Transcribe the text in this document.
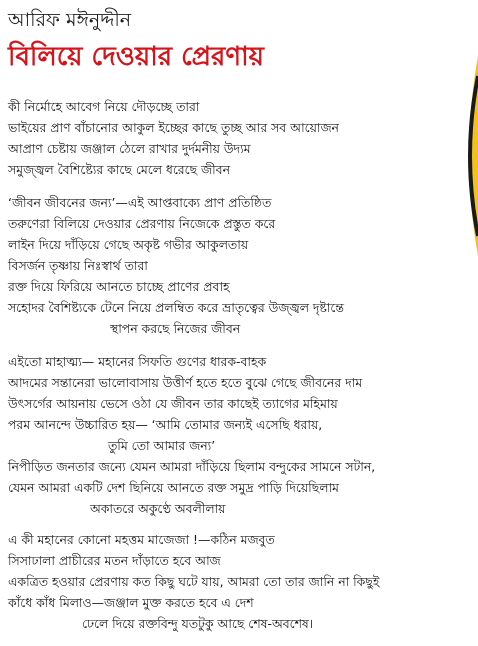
আরিফ মঈনুদ্দীন
বিলিয়ে দেওয়ার প্রেরণায়
কী নির্মোহে আবেগ নিয়ে দৌড়চ্ছে তারা
ভাইয়ের প্রাণ বাঁচানোর আকুল ইচ্ছের কাছে তুচ্ছ আর সব আয়োজন
আপ্রাণ চেষ্টায় জঞ্জাল ঠেলে রাখার দুর্দমনীয় উদ্যম
সমুজ্জ্বল বৈশিষ্ট্যের কাছে মেলে ধরেছে জীবন
‘জীবন জীবনের জন্য’—এই আপ্তবাক্যে প্রাণ প্রতিষ্ঠিত
তরুণেরা বিলিয়ে দেওয়ার প্রেরণায় নিজেকে প্রস্তুত করে
লাইন দিয়ে দাঁড়িয়ে গেছে অকৃষ্ট গভীর আকুলতায়
বিসর্জন তৃষ্ণায় নিঃস্বার্থ তারা
রক্ত দিয়ে ফিরিয়ে আনতে চাচ্ছে প্রাণের প্রবাহ
সহোদর বৈশিষ্ট্যকে টেনে নিয়ে প্রলম্বিত করে ভ্রাতৃত্বের উজ্জ্বল দৃষ্টান্তে
স্থাপন করছে নিজের জীবন
এইতো মাহাত্ম্য— মহানের সিফতি গুণের ধারক-বাহক
আদমের সন্তানেরা ভালোবাসায় উত্তীর্ণ হতে হতে বুঝে গেছে জীবনের দাম
উৎসর্গের আয়নায় ভেসে ওঠা যে জীবন তার কাছেই ত্যাগের মহিমায়
পরম আনন্দে উচ্চারিত হয়— ‘আমি তোমার জন্যই এসেছি ধরায়,
তুমি তো আমার জন্য’
নিপীড়িত জনতার জন্যে যেমন আমরা দাঁড়িয়ে ছিলাম বন্দুকের সামনে সটান,
যেমন আমরা একটি দেশ ছিনিয়ে আনতে রক্ত সমুদ্র পাড়ি দিয়েছিলাম
অকাতরে অকুণ্ঠে অবলীলায়
এ কী মহানের কোনো মহত্তম মাজেজা !—কঠিন মজবুত
সিসাঢালা প্রাচীরের মতন দাঁড়াতে হবে আজ
একত্রিত হওয়ার প্রেরণায় কত কিছু ঘটে যায়, আমরা তো তার জানি না কিছুই
কাঁধে কাঁধ মিলাও—জঞ্জাল মুক্ত করতে হবে এ দেশ
ঢেলে দিয়ে রক্তবিন্দু যতটুকু আছে শেষ-অবশেষ।
